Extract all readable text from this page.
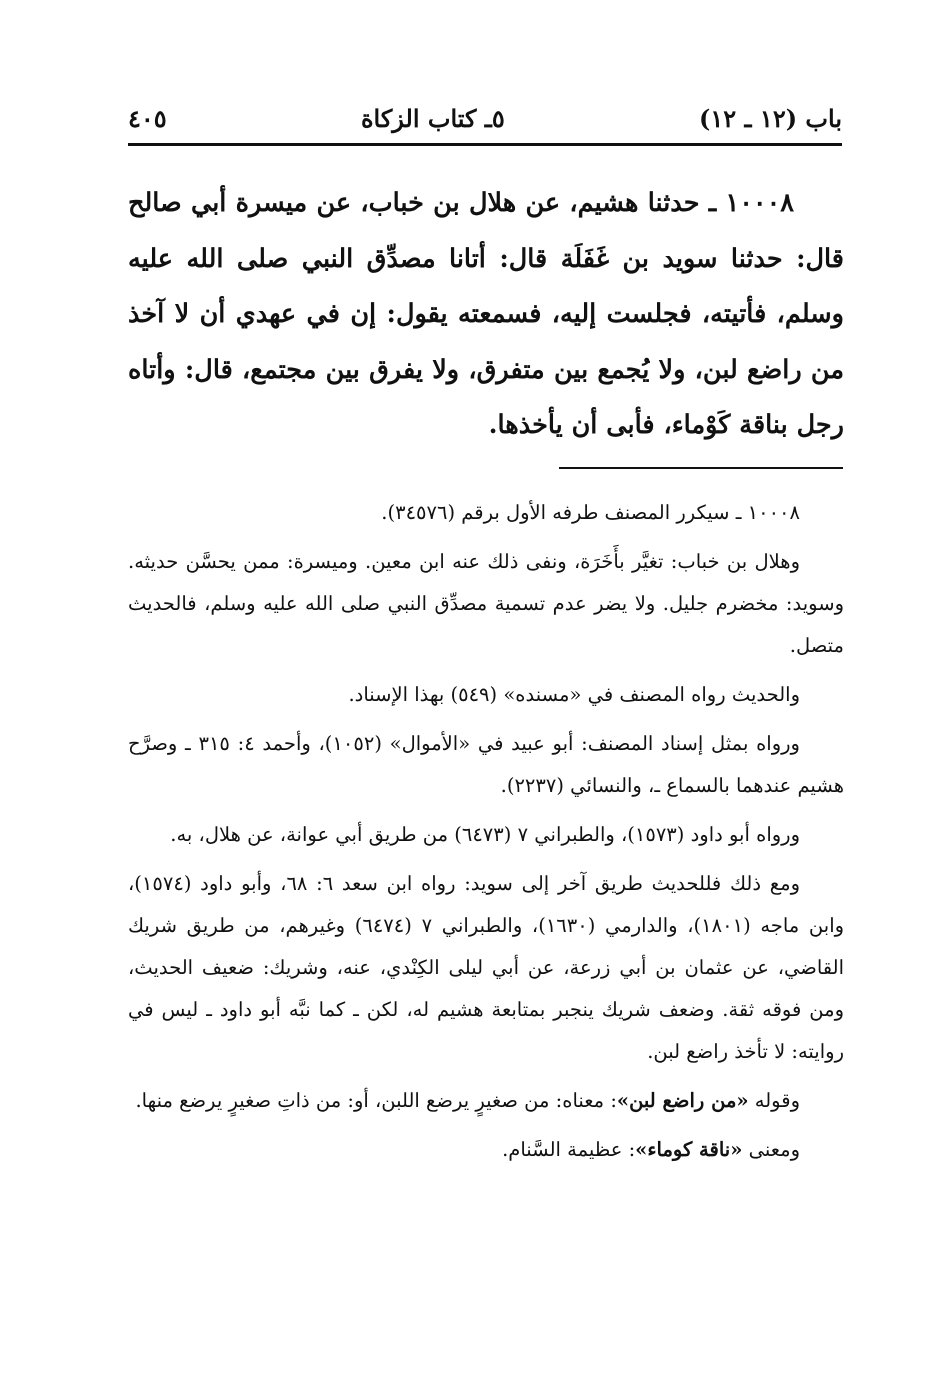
باب (١٢ ـ ١٢)
٥ـ كتاب الزكاة
٤٠٥

١٠٠٠٨ ـ حدثنا هشيم، عن هلال بن خباب، عن ميسرة أبي صالح قال: حدثنا سويد بن غَفَلَة قال: أتانا مصدِّق النبي صلى الله عليه وسلم، فأتيته، فجلست إليه، فسمعته يقول: إن في عهدي أن لا آخذ من راضع لبن، ولا يُجمع بين متفرق، ولا يفرق بين مجتمع، قال: وأتاه رجل بناقة كَوْماء، فأبى أن يأخذها.

١٠٠٠٨ ـ سيكرر المصنف طرفه الأول برقم (٣٤٥٧٦).

وهلال بن خباب: تغيَّر بأَخَرَة، ونفى ذلك عنه ابن معين. وميسرة: ممن يحسَّن حديثه. وسويد: مخضرم جليل. ولا يضر عدم تسمية مصدِّق النبي صلى الله عليه وسلم، فالحديث متصل.

والحديث رواه المصنف في «مسنده» (٥٤٩) بهذا الإسناد.

ورواه بمثل إسناد المصنف: أبو عبيد في «الأموال» (١٠٥٢)، وأحمد ٤: ٣١٥ ـ وصرَّح هشيم عندهما بالسماع ـ، والنسائي (٢٢٣٧).

ورواه أبو داود (١٥٧٣)، والطبراني ٧ (٦٤٧٣) من طريق أبي عوانة، عن هلال، به.

ومع ذلك فللحديث طريق آخر إلى سويد: رواه ابن سعد ٦: ٦٨، وأبو داود (١٥٧٤)، وابن ماجه (١٨٠١)، والدارمي (١٦٣٠)، والطبراني ٧ (٦٤٧٤) وغيرهم، من طريق شريك القاضي، عن عثمان بن أبي زرعة، عن أبي ليلى الكِنْدي، عنه، وشريك: ضعيف الحديث، ومن فوقه ثقة. وضعف شريك ينجبر بمتابعة هشيم له، لكن ـ كما نبَّه أبو داود ـ ليس في روايته: لا تأخذ راضع لبن.

وقوله «من راضع لبن»: معناه: من صغيرٍ يرضع اللبن، أو: من ذاتِ صغيرٍ يرضع منها.

ومعنى «ناقة كوماء»: عظيمة السَّنام.
